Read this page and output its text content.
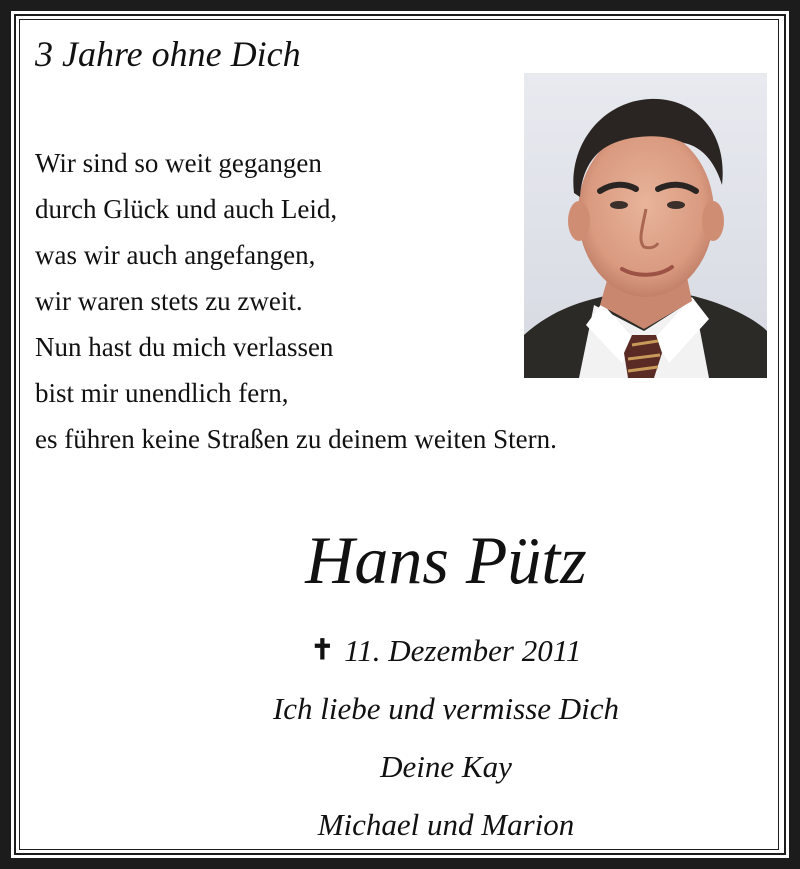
3 Jahre ohne Dich
Wir sind so weit gegangen
durch Glück und auch Leid,
was wir auch angefangen,
wir waren stets zu zweit.
Nun hast du mich verlassen
bist mir unendlich fern,
es führen keine Straßen zu deinem weiten Stern.
Hans Pütz
✝ 11. Dezember 2011
Ich liebe und vermisse Dich
Deine Kay
Michael und Marion
